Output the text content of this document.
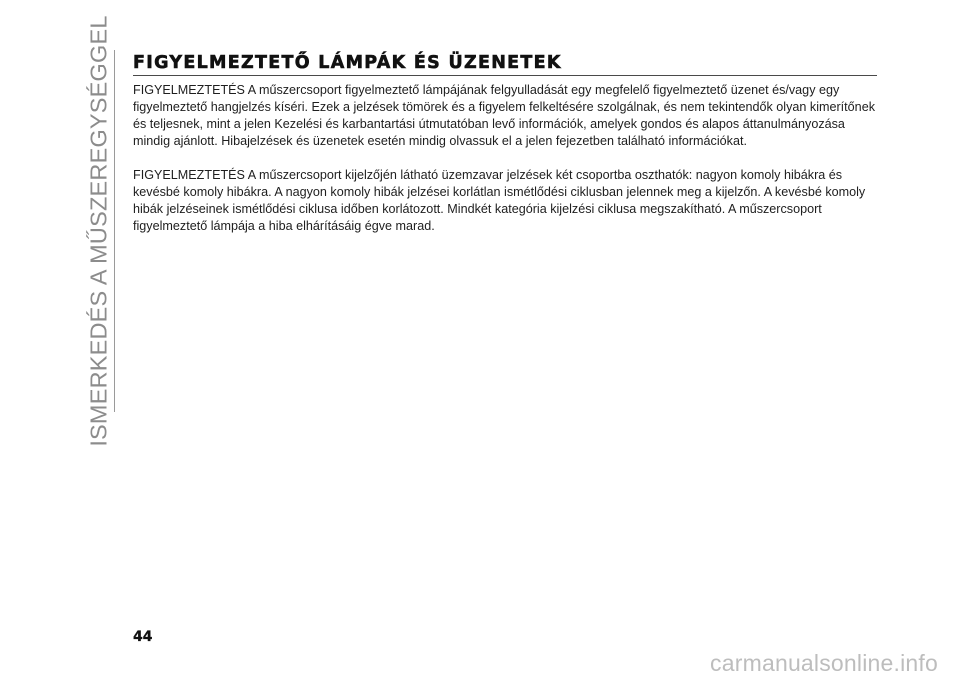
ISMERKEDÉS A MŰSZEREGYSÉGGEL FIGYELMEZTETŐ LÁMPÁK ÉS ÜZENETEK

FIGYELMEZTETÉS A műszercsoport figyelmeztető lámpájának felgyulladását egy megfelelő figyelmeztető üzenet és/vagy egy figyelmeztető hangjelzés kíséri. Ezek a jelzések tömörek és a figyelem felkeltésére szolgálnak, és nem tekintendők olyan kimerítőnek és teljesnek, mint a jelen Kezelési és karbantartási útmutatóban levő információk, amelyek gondos és alapos áttanulmányozása mindig ajánlott. Hibajelzések és üzenetek esetén mindig olvassuk el a jelen fejezetben található információkat.

FIGYELMEZTETÉS A műszercsoport kijelzőjén látható üzemzavar jelzések két csoportba oszthatók: nagyon komoly hibákra és kevésbé komoly hibákra. A nagyon komoly hibák jelzései korlátlan ismétlődési ciklusban jelennek meg a kijelzőn. A kevésbé komoly hibák jelzéseinek ismétlődési ciklusa időben korlátozott. Mindkét kategória kijelzési ciklusa megszakítható. A műszercsoport figyelmeztető lámpája a hiba elhárításáig égve marad.

44
carmanualsonline.info
